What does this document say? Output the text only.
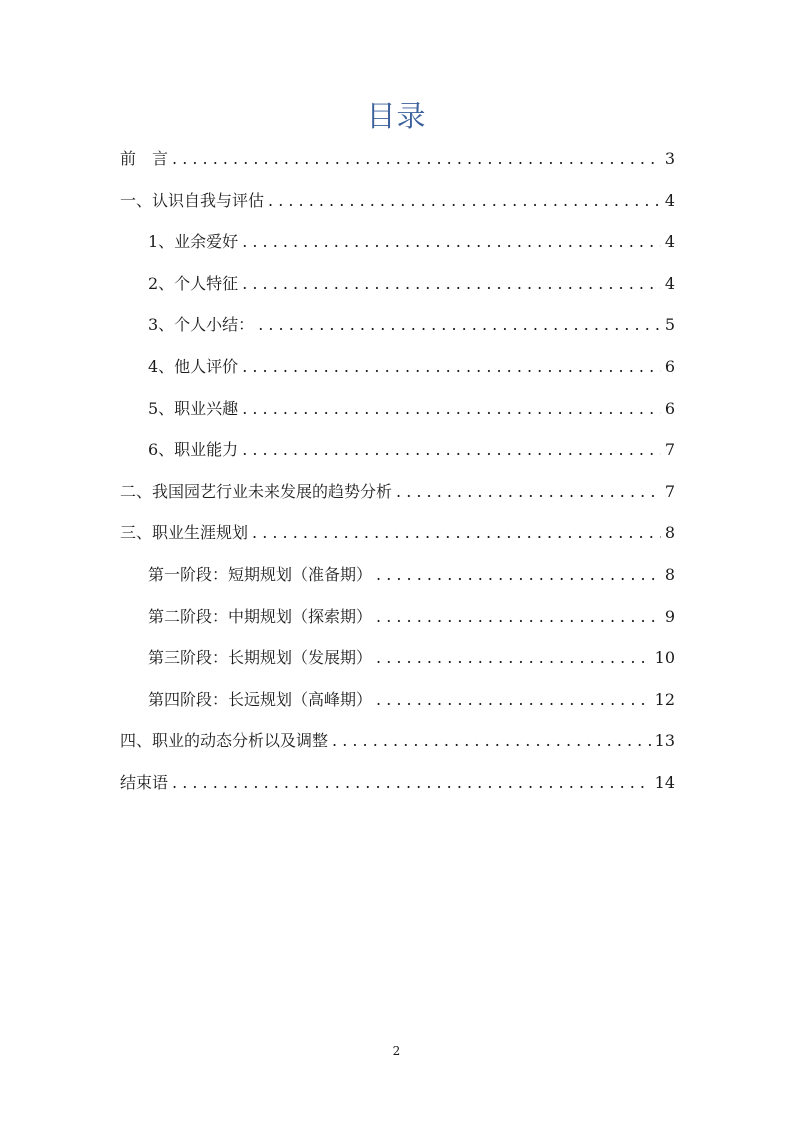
目录
前　言 . . .	3
一、认识自我与评估 . . .	4
1、业余爱好 . . .	4
2、个人特征 . . .	4
3、个人小结： . . .	5
4、他人评价 . . .	6
5、职业兴趣 . . .	6
6、职业能力 . . .	7
二、我国园艺行业未来发展的趋势分析 . . .	7
三、职业生涯规划 . . .	8
第一阶段：短期规划（准备期） . . .	8
第二阶段：中期规划（探索期） . . .	9
第三阶段：长期规划（发展期） . . .	10
第四阶段：长远规划（高峰期） . . .	12
四、职业的动态分析以及调整 . . .	13
结束语 . . .	14
2
